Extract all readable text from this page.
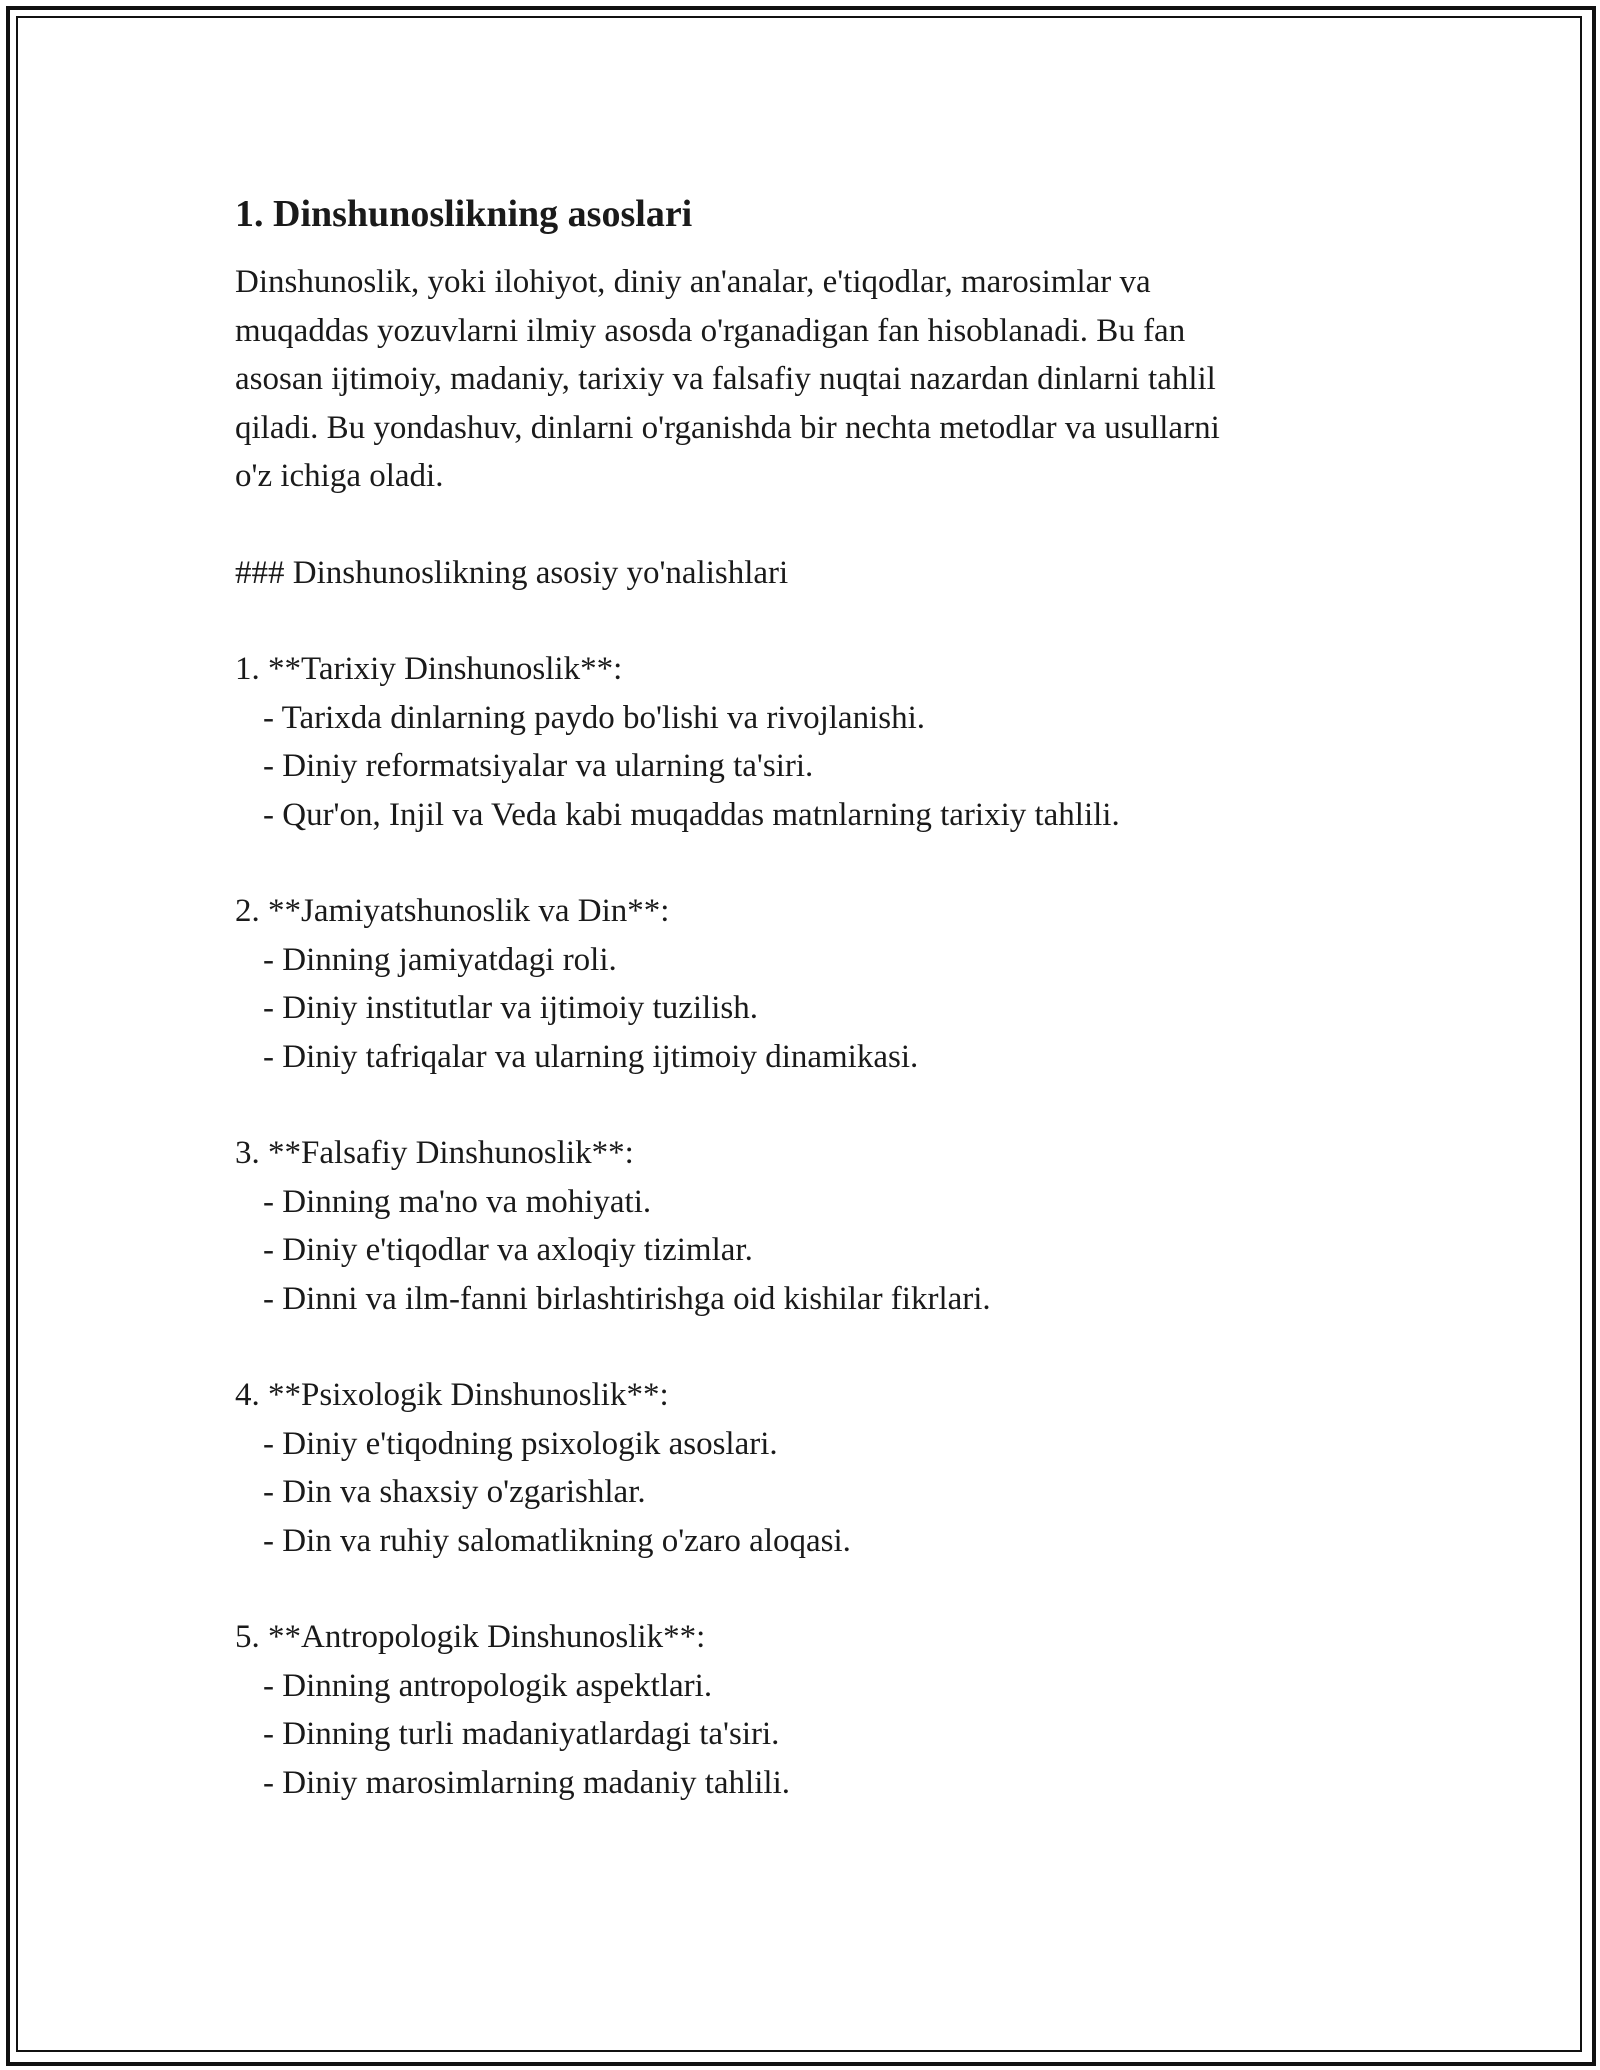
1. Dinshunoslikning asoslari

Dinshunoslik, yoki ilohiyot, diniy an'analar, e'tiqodlar, marosimlar va
muqaddas yozuvlarni ilmiy asosda o'rganadigan fan hisoblanadi. Bu fan
asosan ijtimoiy, madaniy, tarixiy va falsafiy nuqtai nazardan dinlarni tahlil
qiladi. Bu yondashuv, dinlarni o'rganishda bir nechta metodlar va usullarni
o'z ichiga oladi.

### Dinshunoslikning asosiy yo'nalishlari
1. **Tarixiy Dinshunoslik**:
- Tarixda dinlarning paydo bo'lishi va rivojlanishi.
- Diniy reformatsiyalar va ularning ta'siri.
- Qur'on, Injil va Veda kabi muqaddas matnlarning tarixiy tahlili.
2. **Jamiyatshunoslik va Din**:
- Dinning jamiyatdagi roli.
- Diniy institutlar va ijtimoiy tuzilish.
- Diniy tafriqalar va ularning ijtimoiy dinamikasi.
3. **Falsafiy Dinshunoslik**:
- Dinning ma'no va mohiyati.
- Diniy e'tiqodlar va axloqiy tizimlar.
- Dinni va ilm-fanni birlashtirishga oid kishilar fikrlari.
4. **Psixologik Dinshunoslik**:
- Diniy e'tiqodning psixologik asoslari.
- Din va shaxsiy o'zgarishlar.
- Din va ruhiy salomatlikning o'zaro aloqasi.
5. **Antropologik Dinshunoslik**:
- Dinning antropologik aspektlari.
- Dinning turli madaniyatlardagi ta'siri.
- Diniy marosimlarning madaniy tahlili.
